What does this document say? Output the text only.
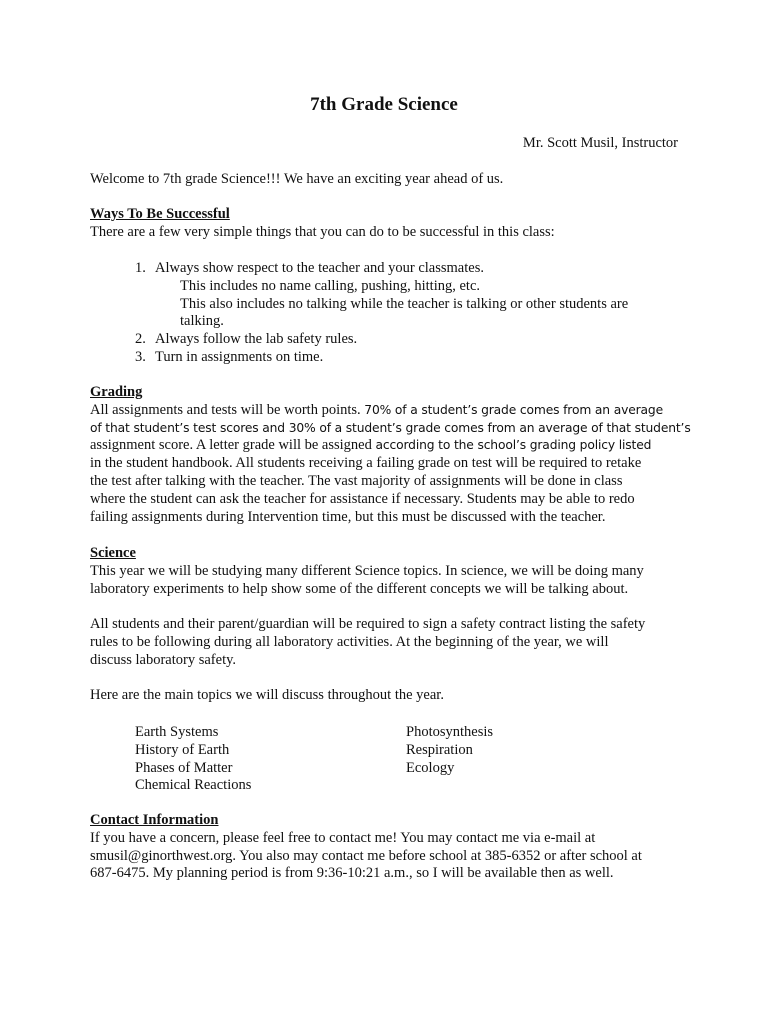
7th Grade Science
Mr. Scott Musil, Instructor
Welcome to 7th grade Science!!! We have an exciting year ahead of us.
Ways To Be Successful
There are a few very simple things that you can do to be successful in this class:
1. Always show respect to the teacher and your classmates.
This includes no name calling, pushing, hitting, etc.
This also includes no talking while the teacher is talking or other students are
talking.
2. Always follow the lab safety rules.
3. Turn in assignments on time.
Grading
All assignments and tests will be worth points. 70% of a student’s grade comes from an average
of that student’s test scores and 30% of a student’s grade comes from an average of that student’s
assignment score. A letter grade will be assigned according to the school’s grading policy listed
in the student handbook. All students receiving a failing grade on test will be required to retake
the test after talking with the teacher. The vast majority of assignments will be done in class
where the student can ask the teacher for assistance if necessary. Students may be able to redo
failing assignments during Intervention time, but this must be discussed with the teacher.
Science
This year we will be studying many different Science topics. In science, we will be doing many
laboratory experiments to help show some of the different concepts we will be talking about.
All students and their parent/guardian will be required to sign a safety contract listing the safety
rules to be following during all laboratory activities. At the beginning of the year, we will
discuss laboratory safety.
Here are the main topics we will discuss throughout the year.
Earth Systems
History of Earth
Phases of Matter
Chemical Reactions
Photosynthesis
Respiration
Ecology
Contact Information
If you have a concern, please feel free to contact me! You may contact me via e-mail at
smusil@ginorthwest.org. You also may contact me before school at 385-6352 or after school at
687-6475. My planning period is from 9:36-10:21 a.m., so I will be available then as well.
